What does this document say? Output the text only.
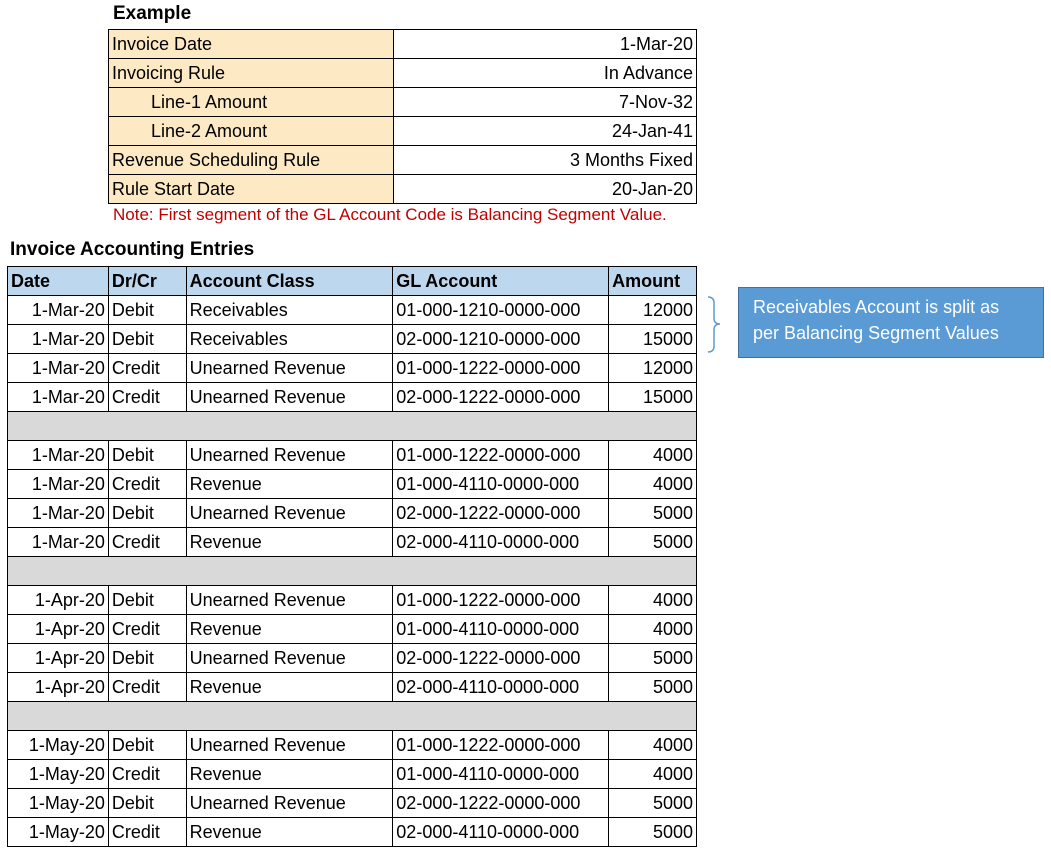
Example
Invoice Date	1-Mar-20
Invoicing Rule	In Advance
Line-1 Amount	7-Nov-32
Line-2 Amount	24-Jan-41
Revenue Scheduling Rule	3 Months Fixed
Rule Start Date	20-Jan-20
Note: First segment of the GL Account Code is Balancing Segment Value.
Invoice Accounting Entries
Date	Dr/Cr	Account Class	GL Account	Amount
1-Mar-20	Debit	Receivables	01-000-1210-0000-000	12000
1-Mar-20	Debit	Receivables	02-000-1210-0000-000	15000
1-Mar-20	Credit	Unearned Revenue	01-000-1222-0000-000	12000
1-Mar-20	Credit	Unearned Revenue	02-000-1222-0000-000	15000

1-Mar-20	Debit	Unearned Revenue	01-000-1222-0000-000	4000
1-Mar-20	Credit	Revenue	01-000-4110-0000-000	4000
1-Mar-20	Debit	Unearned Revenue	02-000-1222-0000-000	5000
1-Mar-20	Credit	Revenue	02-000-4110-0000-000	5000

1-Apr-20	Debit	Unearned Revenue	01-000-1222-0000-000	4000
1-Apr-20	Credit	Revenue	01-000-4110-0000-000	4000
1-Apr-20	Debit	Unearned Revenue	02-000-1222-0000-000	5000
1-Apr-20	Credit	Revenue	02-000-4110-0000-000	5000

1-May-20	Debit	Unearned Revenue	01-000-1222-0000-000	4000
1-May-20	Credit	Revenue	01-000-4110-0000-000	4000
1-May-20	Debit	Unearned Revenue	02-000-1222-0000-000	5000
1-May-20	Credit	Revenue	02-000-4110-0000-000	5000
Receivables Account is split as
per Balancing Segment Values
